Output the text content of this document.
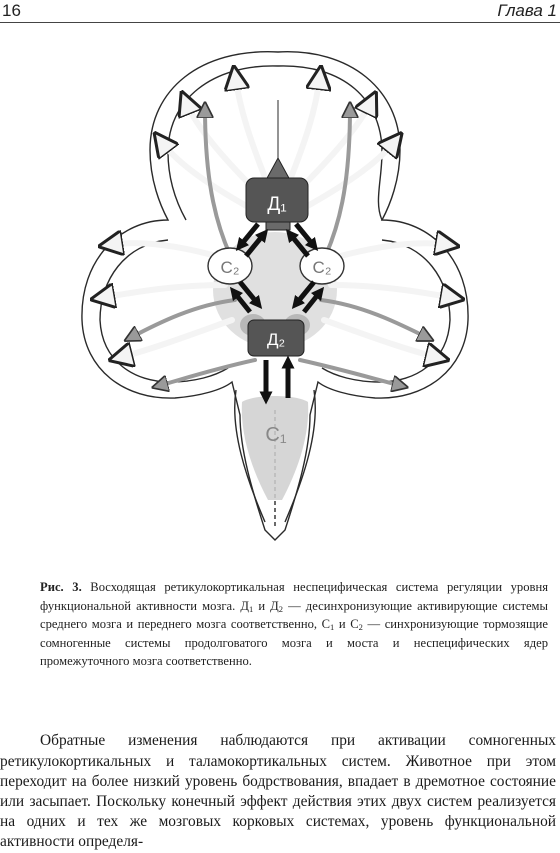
16	Глава 1
Д₁
С₂	С₂
Д₂
С₁
Рис. 3. Восходящая ретикулокортикальная неспецифическая система регуляции уровня функциональной активности мозга. $Д_1$ и $Д_2$ — десинхронизующие активирующие системы среднего мозга и переднего мозга соответственно, $С_1$ и $С_2$ — синхронизующие тормозящие сомногенные системы продолговатого мозга и моста и неспецифических ядер промежуточного мозга соответственно.

Обратные изменения наблюдаются при активации сомногенных ретикулокортикальных и таламокортикальных систем. Животное при этом переходит на более низкий уровень бодрствования, впадает в дремотное состояние или засыпает. Поскольку конечный эффект действия этих двух систем реализуется на одних и тех же мозговых корковых системах, уровень функциональной активности определя-
